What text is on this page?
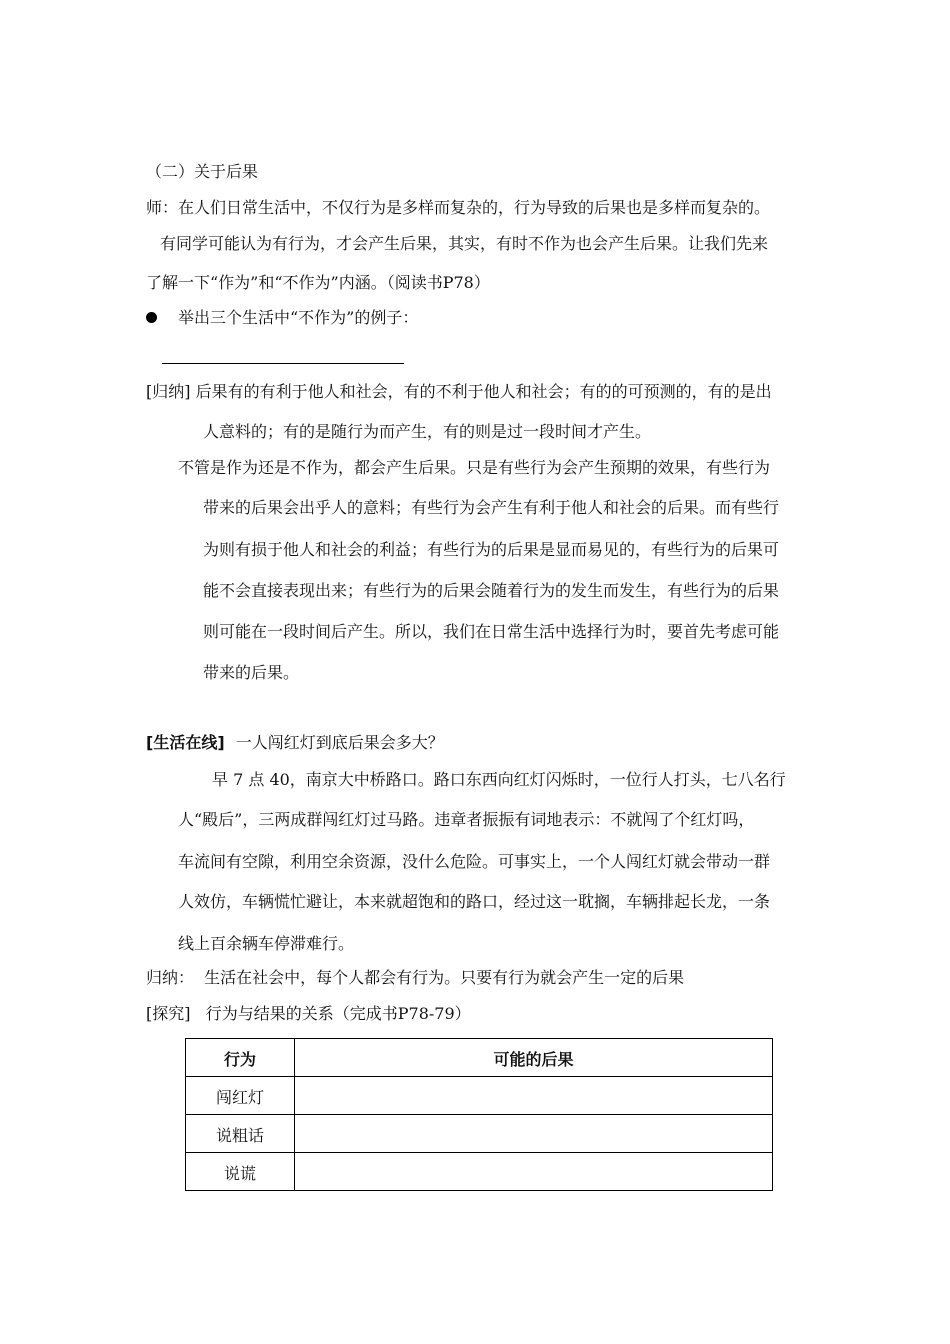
（二）关于后果
师：在人们日常生活中，不仅行为是多样而复杂的，行为导致的后果也是多样而复杂的。
有同学可能认为有行为，才会产生后果，其实，有时不作为也会产生后果。让我们先来
了解一下“作为”和“不作为”内涵。（阅读书P78）
举出三个生活中“不作为”的例子：
[归纳] 后果有的有利于他人和社会，有的不利于他人和社会；有的的可预测的，有的是出
人意料的；有的是随行为而产生，有的则是过一段时间才产生。
不管是作为还是不作为，都会产生后果。只是有些行为会产生预期的效果，有些行为
带来的后果会出乎人的意料；有些行为会产生有利于他人和社会的后果。而有些行
为则有损于他人和社会的利益；有些行为的后果是显而易见的，有些行为的后果可
能不会直接表现出来；有些行为的后果会随着行为的发生而发生，有些行为的后果
则可能在一段时间后产生。所以，我们在日常生活中选择行为时，要首先考虑可能
带来的后果。
[生活在线] 一人闯红灯到底后果会多大？
早 7 点 40，南京大中桥路口。路口东西向红灯闪烁时，一位行人打头，七八名行
人“殿后”，三两成群闯红灯过马路。违章者振振有词地表示：不就闯了个红灯吗，
车流间有空隙，利用空余资源，没什么危险。可事实上，一个人闯红灯就会带动一群
人效仿，车辆慌忙避让，本来就超饱和的路口，经过这一耽搁，车辆排起长龙，一条
线上百余辆车停滞难行。
归纳：  生活在社会中，每个人都会有行为。只要有行为就会产生一定的后果
[探究]   行为与结果的关系（完成书P78-79）
行为	可能的后果

闯红灯	

说粗话	

说谎	
